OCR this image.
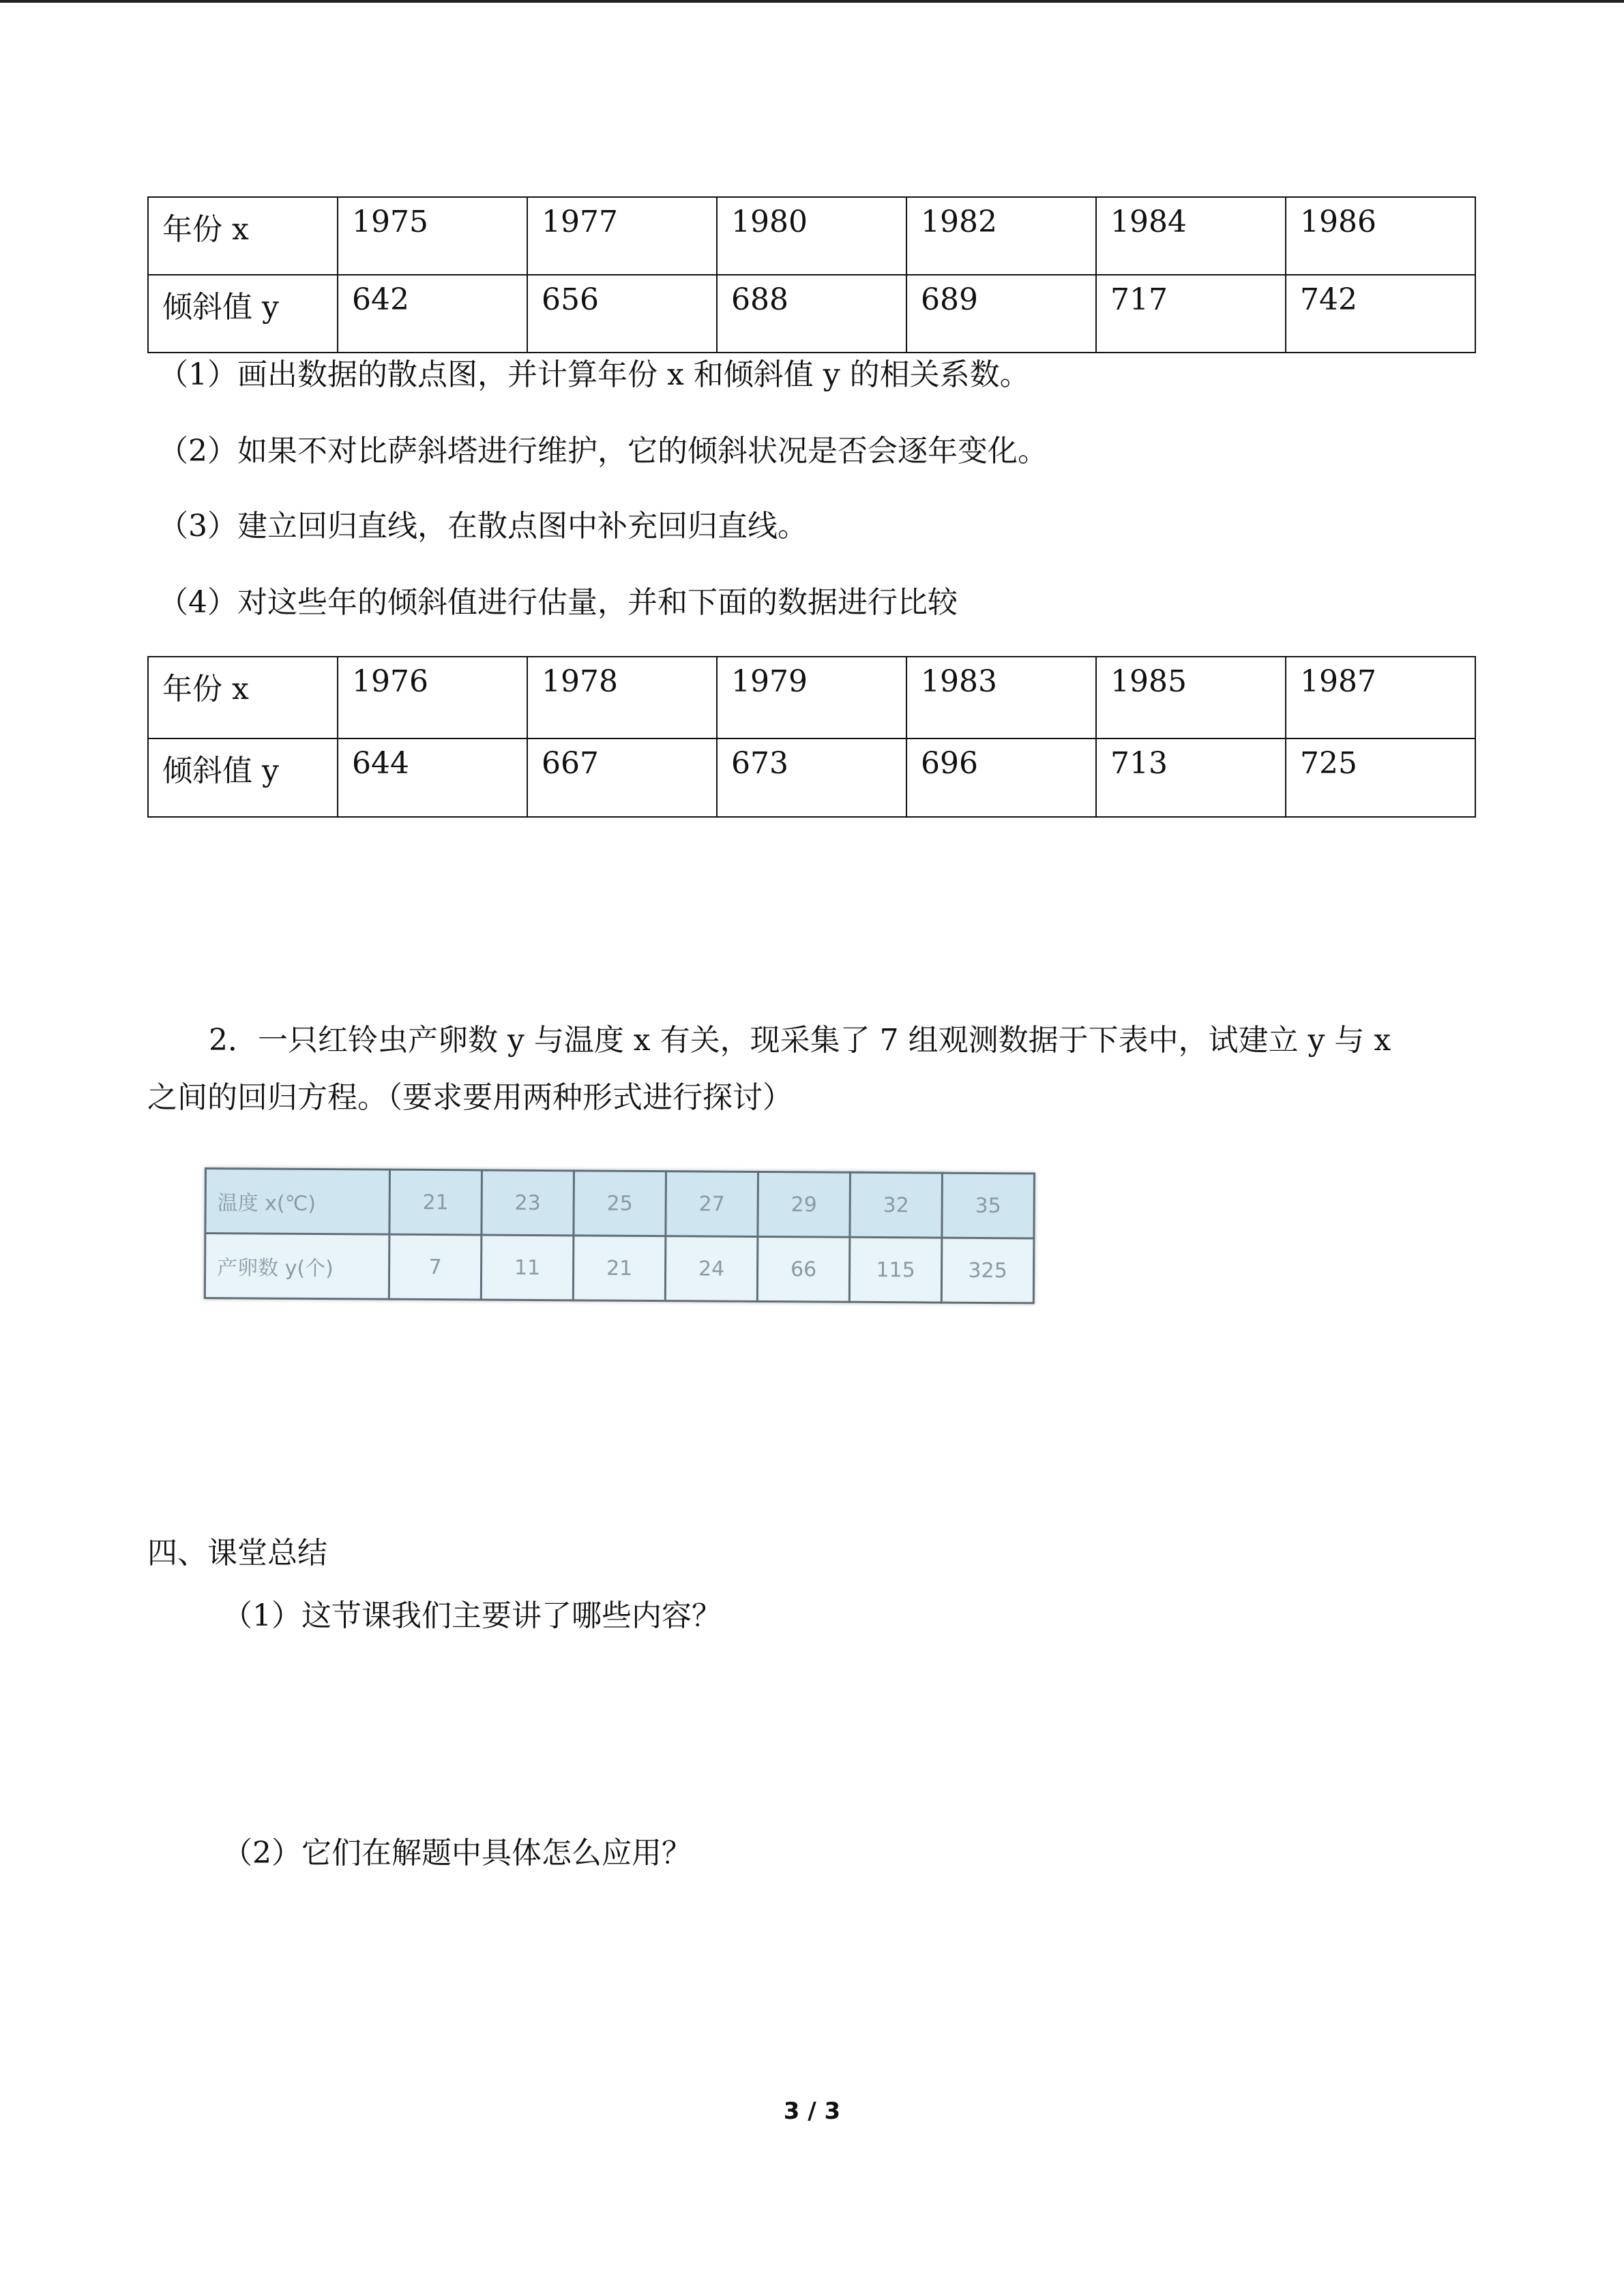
年份 x	1975	1977	1980	1982	1984	1986
倾斜值 y	642	656	688	689	717	742
（1）画出数据的散点图，并计算年份 x 和倾斜值 y 的相关系数。
（2）如果不对比萨斜塔进行维护，它的倾斜状况是否会逐年变化。
（3）建立回归直线，在散点图中补充回归直线。
（4）对这些年的倾斜值进行估量，并和下面的数据进行比较
年份 x	1976	1978	1979	1983	1985	1987
倾斜值 y	644	667	673	696	713	725
2．一只红铃虫产卵数 y 与温度 x 有关，现采集了 7 组观测数据于下表中，试建立 y 与 x
之间的回归方程。（要求要用两种形式进行探讨）
温度 x(℃)	21	23	25	27	29	32	35
产卵数 y(个)	7	11	21	24	66	115	325
四、课堂总结
（1）这节课我们主要讲了哪些内容？
（2）它们在解题中具体怎么应用？
3 / 3
